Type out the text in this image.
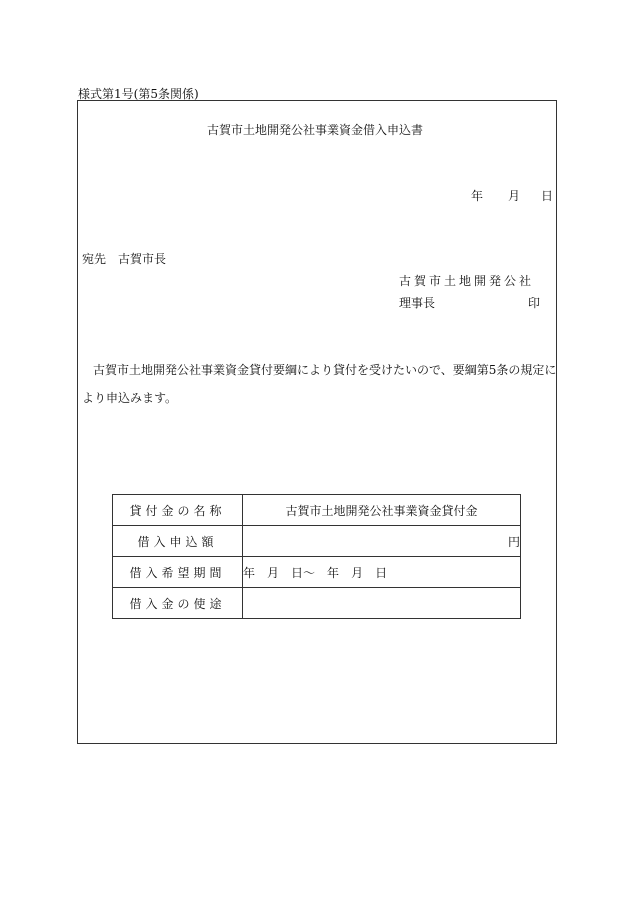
様式第1号(第5条関係)
古賀市土地開発公社事業資金借入申込書
年 月 日
宛先 古賀市長
古賀市土地開発公社
理事長	印
古賀市土地開発公社事業資金貸付要綱により貸付を受けたいので、要綱第5条の規定に
より申込みます。
貸付金の名称	古賀市土地開発公社事業資金貸付金
借入申込額	円
借入希望期間	年 月 日〜 年 月 日
借入金の使途	
